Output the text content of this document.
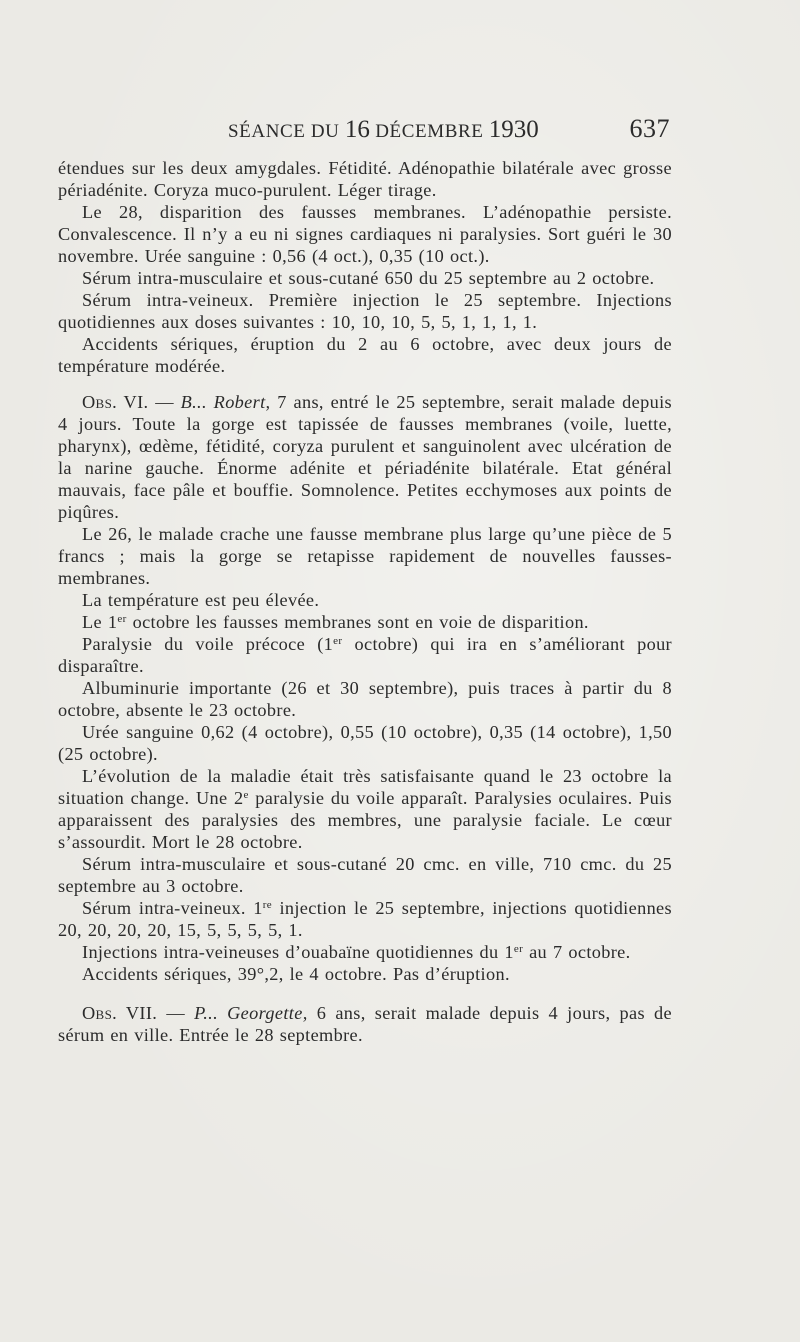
SÉANCE DU 16 DÉCEMBRE 1930	637

étendues sur les deux amygdales. Fétidité. Adénopathie bilatérale avec grosse périadénite. Coryza muco-purulent. Léger tirage.

Le 28, disparition des fausses membranes. L’adénopathie persiste. Convalescence. Il n’y a eu ni signes cardiaques ni paralysies. Sort guéri le 30 novembre. Urée sanguine : 0,56 (4 oct.), 0,35 (10 oct.).

Sérum intra-musculaire et sous-cutané 650 du 25 septembre au 2 octobre.

Sérum intra-veineux. Première injection le 25 septembre. Injections quotidiennes aux doses suivantes : 10, 10, 10, 5, 5, 1, 1, 1, 1.

Accidents sériques, éruption du 2 au 6 octobre, avec deux jours de température modérée.

Obs. VI. — B... Robert, 7 ans, entré le 25 septembre, serait malade depuis 4 jours. Toute la gorge est tapissée de fausses membranes (voile, luette, pharynx), œdème, fétidité, coryza purulent et sanguinolent avec ulcération de la narine gauche. Énorme adénite et périadénite bilatérale. Etat général mauvais, face pâle et bouffie. Somnolence. Petites ecchymoses aux points de piqûres.

Le 26, le malade crache une fausse membrane plus large qu’une pièce de 5 francs ; mais la gorge se retapisse rapidement de nouvelles fausses-membranes.

La température est peu élevée.

Le 1er octobre les fausses membranes sont en voie de disparition.

Paralysie du voile précoce (1er octobre) qui ira en s’améliorant pour disparaître.

Albuminurie importante (26 et 30 septembre), puis traces à partir du 8 octobre, absente le 23 octobre.

Urée sanguine 0,62 (4 octobre), 0,55 (10 octobre), 0,35 (14 octobre), 1,50 (25 octobre).

L’évolution de la maladie était très satisfaisante quand le 23 octobre la situation change. Une 2e paralysie du voile apparaît. Paralysies oculaires. Puis apparaissent des paralysies des membres, une paralysie faciale. Le cœur s’assourdit. Mort le 28 octobre.

Sérum intra-musculaire et sous-cutané 20 cmc. en ville, 710 cmc. du 25 septembre au 3 octobre.

Sérum intra-veineux. 1re injection le 25 septembre, injections quotidiennes 20, 20, 20, 20, 15, 5, 5, 5, 5, 1.

Injections intra-veineuses d’ouabaïne quotidiennes du 1er au 7 octobre.

Accidents sériques, 39°,2, le 4 octobre. Pas d’éruption.

Obs. VII. — P... Georgette, 6 ans, serait malade depuis 4 jours, pas de sérum en ville. Entrée le 28 septembre.
